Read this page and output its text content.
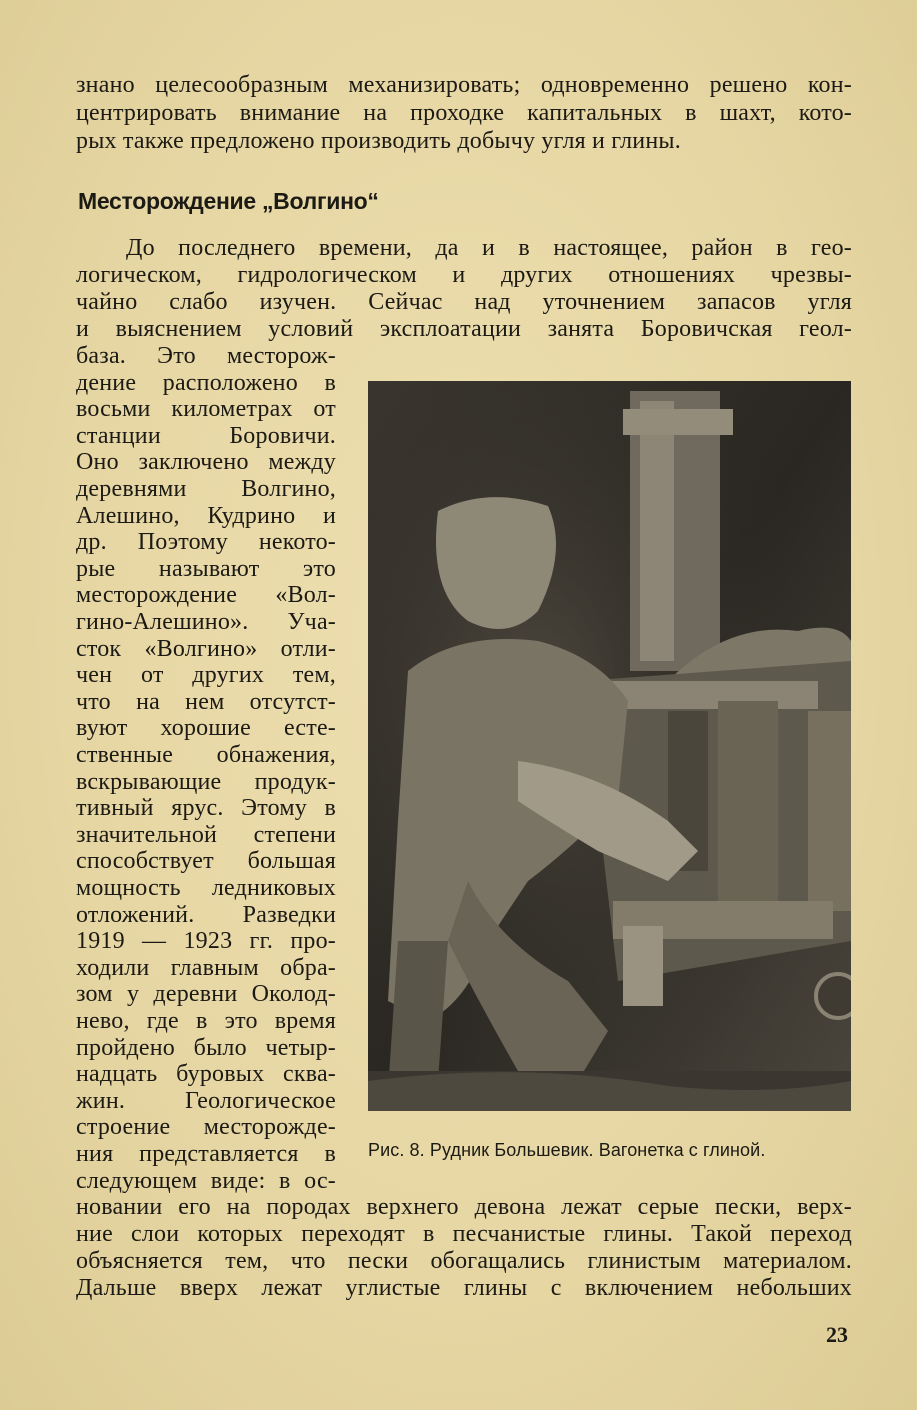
знано целесообразным механизировать; одновременно решено кон-
центрировать внимание на проходке капитальных в шахт, кото-
рых также предложено производить добычу угля и глины.
Месторождение „Волгино“
До последнего времени, да и в настоящее, район в гео-
логическом, гидрологическом и других отношениях чрезвы-
чайно слабо изучен. Сейчас над уточнением запасов угля
и выяснением условий эксплоатации занята Боровичская геол-
база. Это месторож-
дение расположено в
восьми километрах от
станции Боровичи.
Оно заключено между
деревнями Волгино,
Алешино, Кудрино и
др. Поэтому некото-
рые называют это
месторождение «Вол-
гино-Алешино». Уча-
сток «Волгино» отли-
чен от других тем,
что на нем отсутст-
вуют хорошие есте-
ственные обнажения,
вскрывающие продук-
тивный ярус. Этому в
значительной степени
способствует большая
мощность ледниковых
отложений. Разведки
1919 — 1923 гг. про-
ходили главным обра-
зом у деревни Околод-
нево, где в это время
пройдено было четыр-
надцать буровых сква-
жин. Геологическое
строение месторожде-
ния представляется в
следующем виде: в ос-
Рис. 8. Рудник Большевик. Вагонетка с глиной.
новании его на породах верхнего девона лежат серые пески, верх-
ние слои которых переходят в песчанистые глины. Такой переход
объясняется тем, что пески обогащались глинистым материалом.
Дальше вверх лежат углистые глины с включением небольших
23
